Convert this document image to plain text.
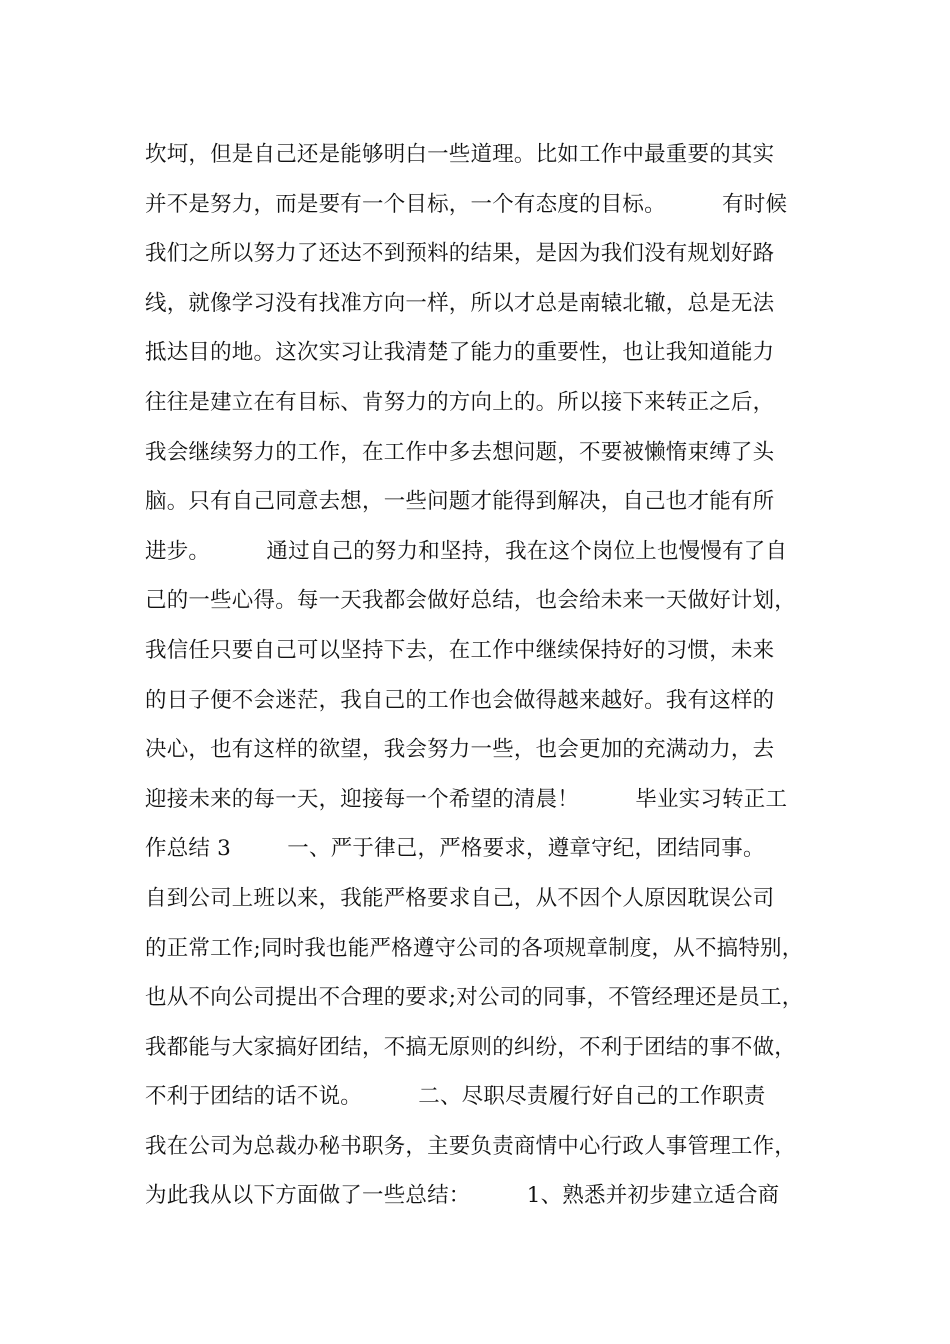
坎坷，但是自己还是能够明白一些道理。比如工作中最重要的其实
并不是努力，而是要有一个目标，一个有态度的目标。        有时候
我们之所以努力了还达不到预料的结果，是因为我们没有规划好路
线，就像学习没有找准方向一样，所以才总是南辕北辙，总是无法
抵达目的地。这次实习让我清楚了能力的重要性，也让我知道能力
往往是建立在有目标、肯努力的方向上的。所以接下来转正之后，
我会继续努力的工作，在工作中多去想问题，不要被懒惰束缚了头
脑。只有自己同意去想，一些问题才能得到解决，自己也才能有所
进步。        通过自己的努力和坚持，我在这个岗位上也慢慢有了自
己的一些心得。每一天我都会做好总结，也会给未来一天做好计划，
我信任只要自己可以坚持下去，在工作中继续保持好的习惯，未来
的日子便不会迷茫，我自己的工作也会做得越来越好。我有这样的
决心，也有这样的欲望，我会努力一些，也会更加的充满动力，去
迎接未来的每一天，迎接每一个希望的清晨！        毕业实习转正工
作总结 3        一、严于律己，严格要求，遵章守纪，团结同事。
自到公司上班以来，我能严格要求自己，从不因个人原因耽误公司
的正常工作;同时我也能严格遵守公司的各项规章制度，从不搞特别，
也从不向公司提出不合理的要求;对公司的同事，不管经理还是员工，
我都能与大家搞好团结，不搞无原则的纠纷，不利于团结的事不做，
不利于团结的话不说。        二、尽职尽责履行好自己的工作职责
我在公司为总裁办秘书职务，主要负责商情中心行政人事管理工作，
为此我从以下方面做了一些总结：        1、熟悉并初步建立适合商
